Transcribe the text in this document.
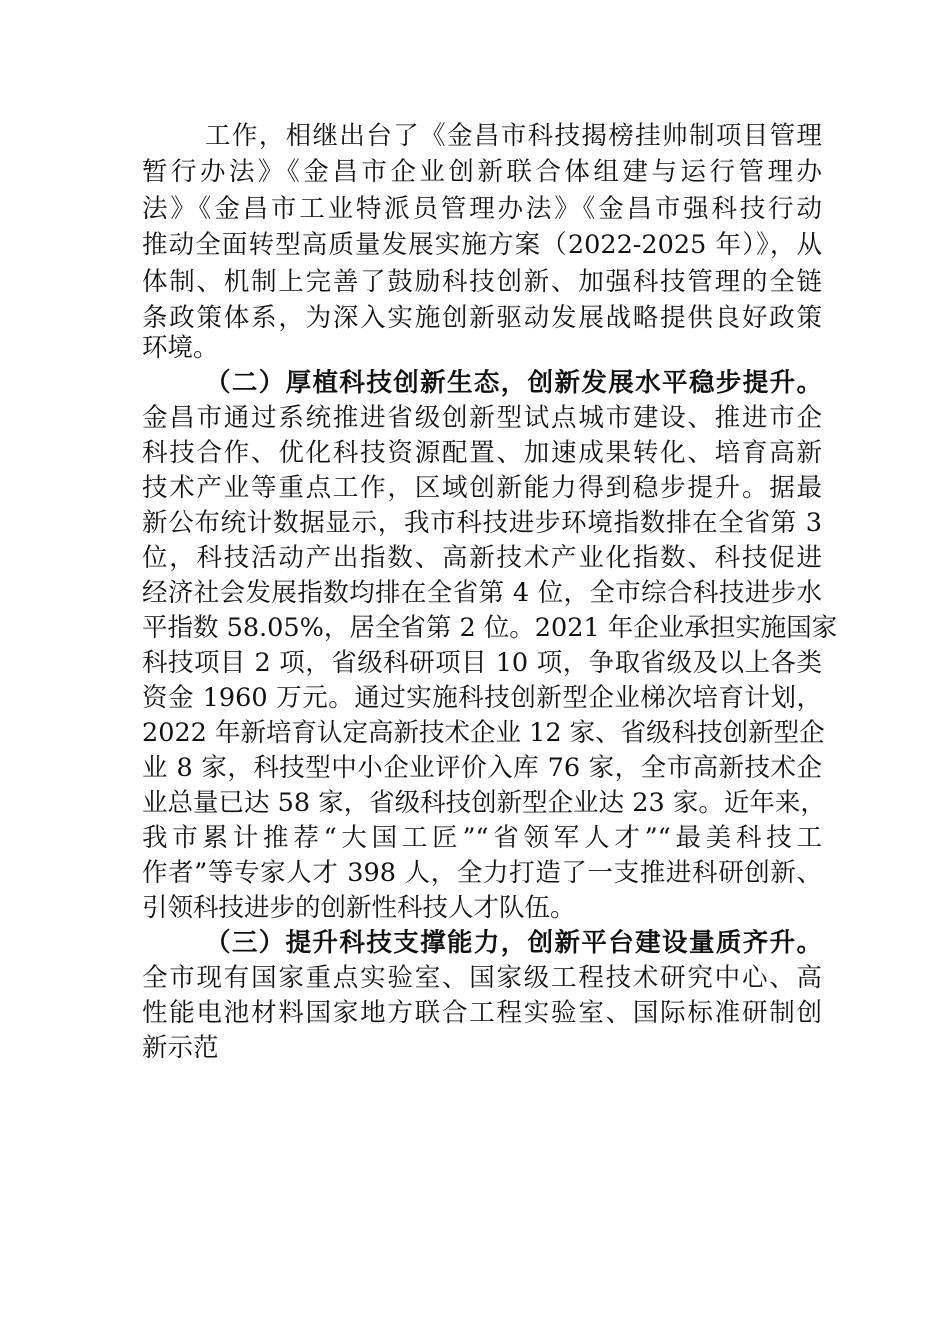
工作，相继出台了《金昌市科技揭榜挂帅制项目管理
暂行办法》《金昌市企业创新联合体组建与运行管理办
法》《金昌市工业特派员管理办法》《金昌市强科技行动
推动全面转型高质量发展实施方案（2022-2025 年）》，从
体制、机制上完善了鼓励科技创新、加强科技管理的全链
条政策体系，为深入实施创新驱动发展战略提供良好政策
环境。
（二）厚植科技创新生态，创新发展水平稳步提升。
金昌市通过系统推进省级创新型试点城市建设、推进市企
科技合作、优化科技资源配置、加速成果转化、培育高新
技术产业等重点工作，区域创新能力得到稳步提升。据最
新公布统计数据显示，我市科技进步环境指数排在全省第 3
位，科技活动产出指数、高新技术产业化指数、科技促进
经济社会发展指数均排在全省第 4 位，全市综合科技进步水
平指数 58.05%，居全省第 2 位。2021 年企业承担实施国家
科技项目 2 项，省级科研项目 10 项，争取省级及以上各类
资金 1960 万元。通过实施科技创新型企业梯次培育计划，
2022 年新培育认定高新技术企业 12 家、省级科技创新型企
业 8 家，科技型中小企业评价入库 76 家，全市高新技术企
业总量已达 58 家，省级科技创新型企业达 23 家。近年来，
我市累计推荐“大国工匠”“省领军人才”“最美科技工
作者”等专家人才 398 人，全力打造了一支推进科研创新、
引领科技进步的创新性科技人才队伍。
（三）提升科技支撑能力，创新平台建设量质齐升。
全市现有国家重点实验室、国家级工程技术研究中心、高
性能电池材料国家地方联合工程实验室、国际标准研制创
新示范
